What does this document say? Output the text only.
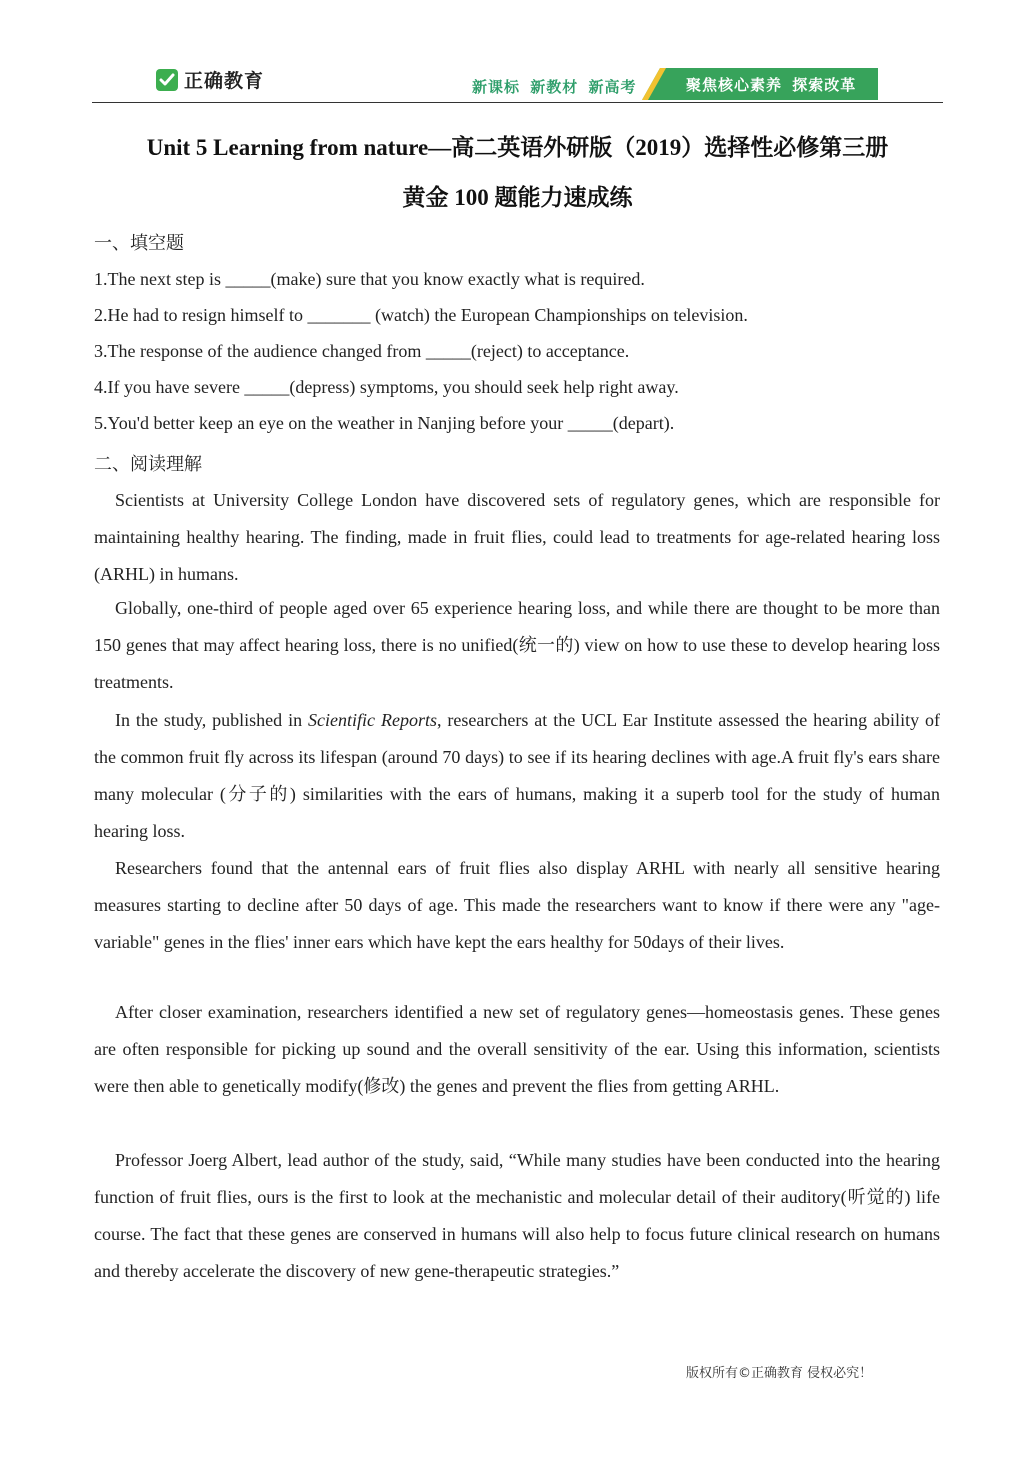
正确教育	新课标 新教材 新高考	聚焦核心素养 探索改革
Unit 5 Learning from nature—高二英语外研版（2019）选择性必修第三册
黄金 100 题能力速成练
一、填空题
1.The next step is _____(make) sure that you know exactly what is required.
2.He had to resign himself to _______ (watch) the European Championships on television.
3.The response of the audience changed from _____(reject) to acceptance.
4.If you have severe _____(depress) symptoms, you should seek help right away.
5.You'd better keep an eye on the weather in Nanjing before your _____(depart).
二、阅读理解
Scientists at University College London have discovered sets of regulatory genes, which are responsible for maintaining healthy hearing. The finding, made in fruit flies, could lead to treatments for age-related hearing loss (ARHL) in humans.
Globally, one-third of people aged over 65 experience hearing loss, and while there are thought to be more than 150 genes that may affect hearing loss, there is no unified(统一的) view on how to use these to develop hearing loss treatments.
In the study, published in Scientific Reports, researchers at the UCL Ear Institute assessed the hearing ability of the common fruit fly across its lifespan (around 70 days) to see if its hearing declines with age.A fruit fly's ears share many molecular (分子的) similarities with the ears of humans, making it a superb tool for the study of human hearing loss.
Researchers found that the antennal ears of fruit flies also display ARHL with nearly all sensitive hearing measures starting to decline after 50 days of age. This made the researchers want to know if there were any "age-variable" genes in the flies' inner ears which have kept the ears healthy for 50days of their lives.
After closer examination, researchers identified a new set of regulatory genes—homeostasis genes. These genes are often responsible for picking up sound and the overall sensitivity of the ear. Using this information, scientists were then able to genetically modify(修改) the genes and prevent the flies from getting ARHL.
Professor Joerg Albert, lead author of the study, said, “While many studies have been conducted into the hearing function of fruit flies, ours is the first to look at the mechanistic and molecular detail of their auditory(听觉的) life course. The fact that these genes are conserved in humans will also help to focus future clinical research on humans and thereby accelerate the discovery of new gene-therapeutic strategies.”
版权所有©正确教育 侵权必究！
